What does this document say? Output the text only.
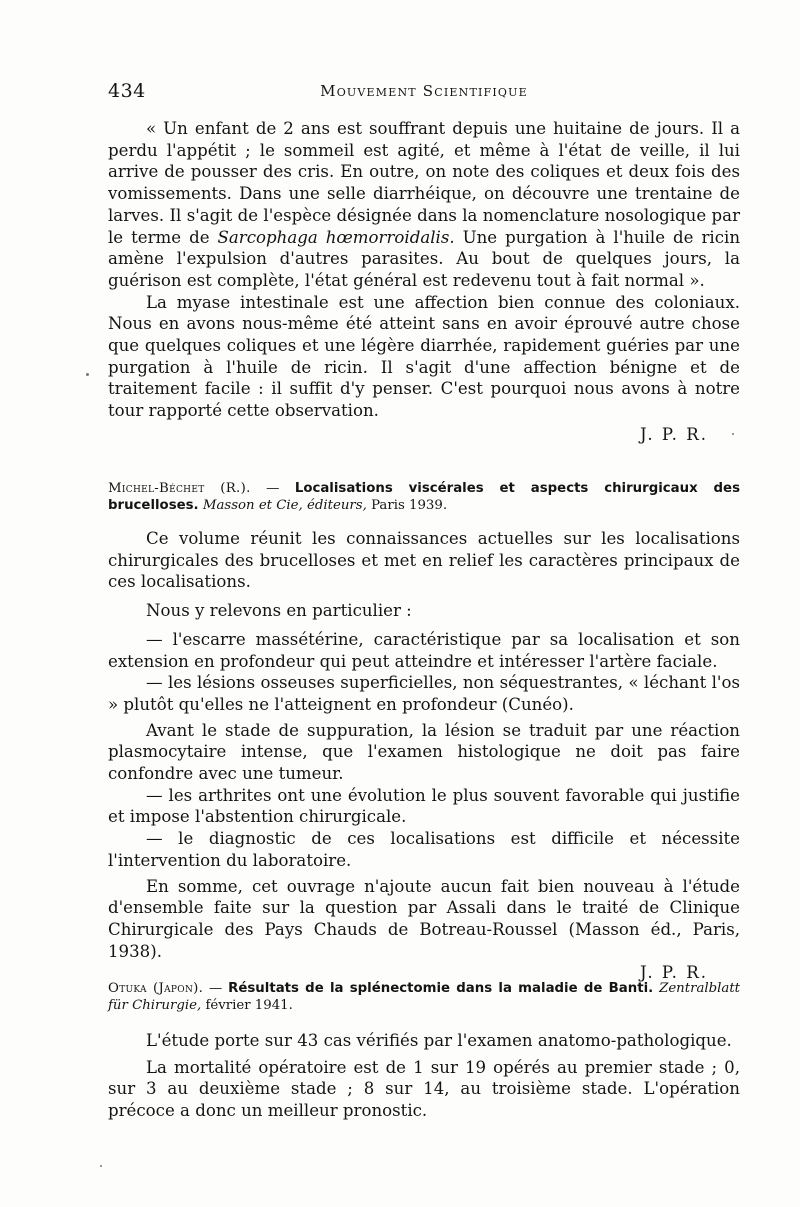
434	Mouvement Scientifique

« Un enfant de 2 ans est souffrant depuis une huitaine de jours. Il a perdu l'appétit ; le sommeil est agité, et même à l'état de veille, il lui arrive de pousser des cris. En outre, on note des coliques et deux fois des vomissements. Dans une selle diarrhéique, on découvre une trentaine de larves. Il s'agit de l'espèce désignée dans la nomenclature nosologique par le terme de Sarcophaga hœmorroidalis. Une purgation à l'huile de ricin amène l'expulsion d'autres parasites. Au bout de quelques jours, la guérison est complète, l'état général est redevenu tout à fait normal ».

La myase intestinale est une affection bien connue des coloniaux. Nous en avons nous-même été atteint sans en avoir éprouvé autre chose que quelques coliques et une légère diarrhée, rapidement guéries par une purgation à l'huile de ricin. Il s'agit d'une affection bénigne et de traitement facile : il suffit d'y penser. C'est pourquoi nous avons à notre tour rapporté cette observation.

J. P. R.

Michel-Béchet (R.). — Localisations viscérales et aspects chirurgicaux des brucelloses. Masson et Cie, éditeurs, Paris 1939.

Ce volume réunit les connaissances actuelles sur les localisations chirurgicales des brucelloses et met en relief les caractères principaux de ces localisations.

Nous y relevons en particulier :

— l'escarre massétérine, caractéristique par sa localisation et son extension en profondeur qui peut atteindre et intéresser l'artère faciale.

— les lésions osseuses superficielles, non séquestrantes, « léchant l'os » plutôt qu'elles ne l'atteignent en profondeur (Cunéo).

Avant le stade de suppuration, la lésion se traduit par une réaction plasmocytaire intense, que l'examen histologique ne doit pas faire confondre avec une tumeur.

— les arthrites ont une évolution le plus souvent favorable qui justifie et impose l'abstention chirurgicale.

— le diagnostic de ces localisations est difficile et nécessite l'intervention du laboratoire.

En somme, cet ouvrage n'ajoute aucun fait bien nouveau à l'étude d'ensemble faite sur la question par Assali dans le traité de Clinique Chirurgicale des Pays Chauds de Botreau-Roussel (Masson éd., Paris, 1938).

J. P. R.

Otuka (Japon). — Résultats de la splénectomie dans la maladie de Banti. Zentralblatt für Chirurgie, février 1941.

L'étude porte sur 43 cas vérifiés par l'examen anatomo-pathologique.

La mortalité opératoire est de 1 sur 19 opérés au premier stade ; 0, sur 3 au deuxième stade ; 8 sur 14, au troisième stade. L'opération précoce a donc un meilleur pronostic.
